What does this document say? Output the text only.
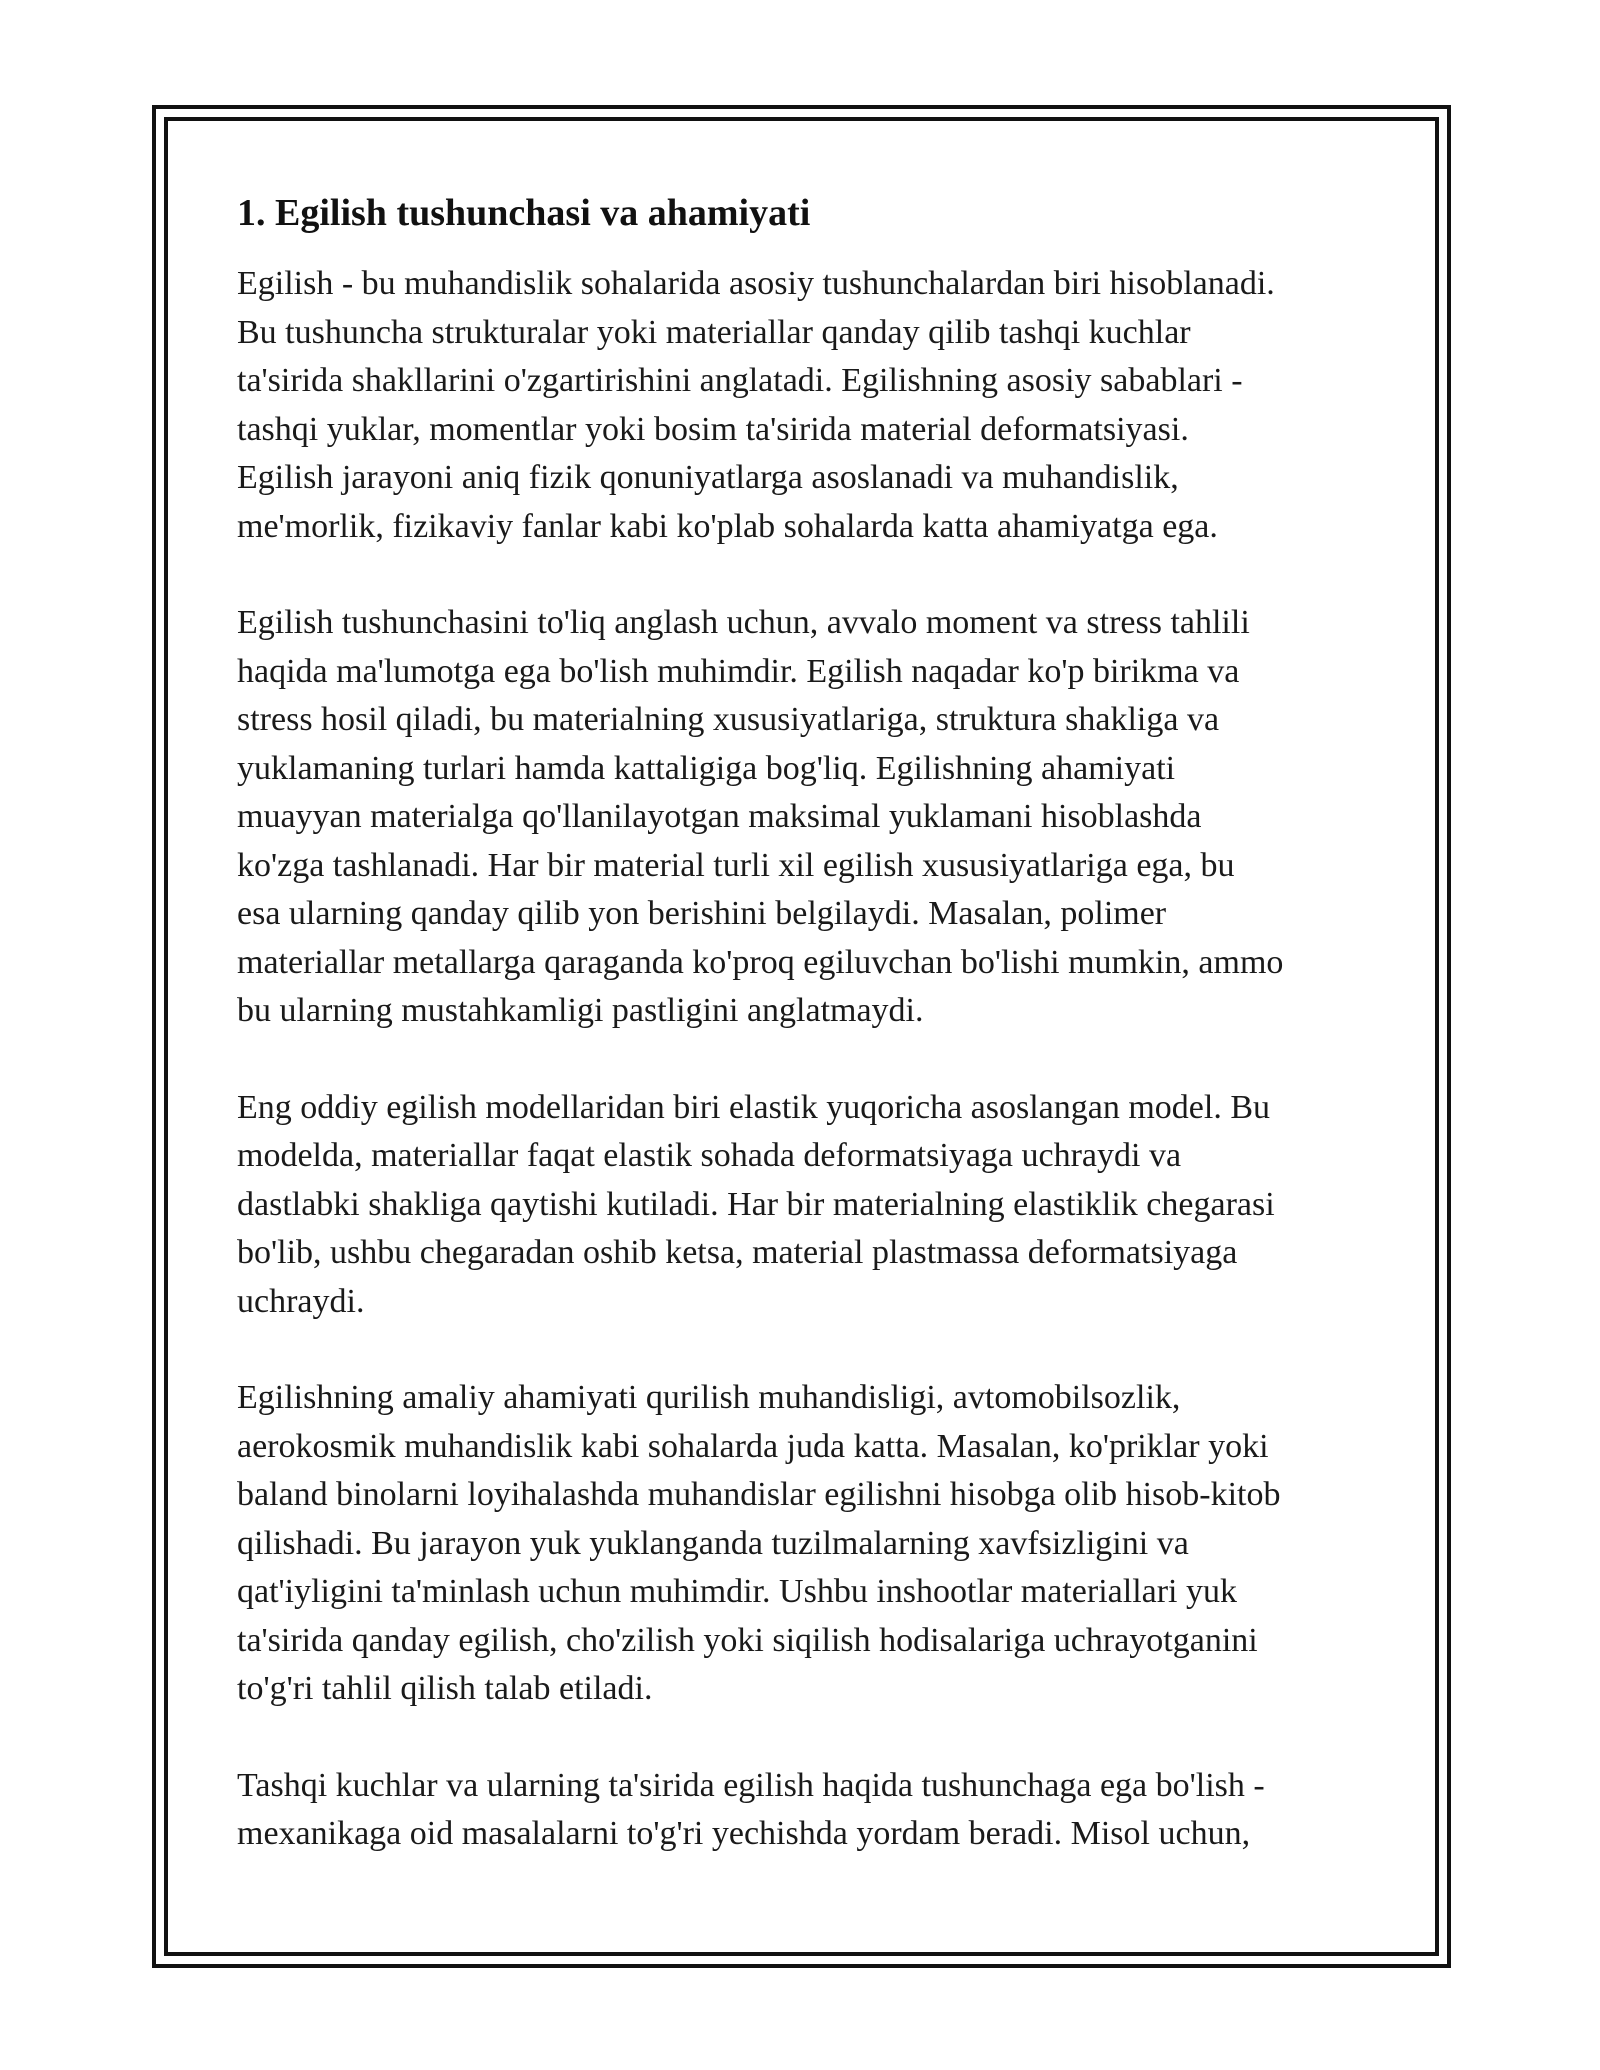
1. Egilish tushunchasi va ahamiyati

Egilish - bu muhandislik sohalarida asosiy tushunchalardan biri hisoblanadi.
Bu tushuncha strukturalar yoki materiallar qanday qilib tashqi kuchlar
ta'sirida shakllarini o'zgartirishini anglatadi. Egilishning asosiy sabablari -
tashqi yuklar, momentlar yoki bosim ta'sirida material deformatsiyasi.
Egilish jarayoni aniq fizik qonuniyatlarga asoslanadi va muhandislik,
me'morlik, fizikaviy fanlar kabi ko'plab sohalarda katta ahamiyatga ega.

Egilish tushunchasini to'liq anglash uchun, avvalo moment va stress tahlili
haqida ma'lumotga ega bo'lish muhimdir. Egilish naqadar ko'p birikma va
stress hosil qiladi, bu materialning xususiyatlariga, struktura shakliga va
yuklamaning turlari hamda kattaligiga bog'liq. Egilishning ahamiyati
muayyan materialga qo'llanilayotgan maksimal yuklamani hisoblashda
ko'zga tashlanadi. Har bir material turli xil egilish xususiyatlariga ega, bu
esa ularning qanday qilib yon berishini belgilaydi. Masalan, polimer
materiallar metallarga qaraganda ko'proq egiluvchan bo'lishi mumkin, ammo
bu ularning mustahkamligi pastligini anglatmaydi.

Eng oddiy egilish modellaridan biri elastik yuqoricha asoslangan model. Bu
modelda, materiallar faqat elastik sohada deformatsiyaga uchraydi va
dastlabki shakliga qaytishi kutiladi. Har bir materialning elastiklik chegarasi
bo'lib, ushbu chegaradan oshib ketsa, material plastmassa deformatsiyaga
uchraydi.

Egilishning amaliy ahamiyati qurilish muhandisligi, avtomobilsozlik,
aerokosmik muhandislik kabi sohalarda juda katta. Masalan, ko'priklar yoki
baland binolarni loyihalashda muhandislar egilishni hisobga olib hisob-kitob
qilishadi. Bu jarayon yuk yuklanganda tuzilmalarning xavfsizligini va
qat'iyligini ta'minlash uchun muhimdir. Ushbu inshootlar materiallari yuk
ta'sirida qanday egilish, cho'zilish yoki siqilish hodisalariga uchrayotganini
to'g'ri tahlil qilish talab etiladi.

Tashqi kuchlar va ularning ta'sirida egilish haqida tushunchaga ega bo'lish -
mexanikaga oid masalalarni to'g'ri yechishda yordam beradi. Misol uchun,
